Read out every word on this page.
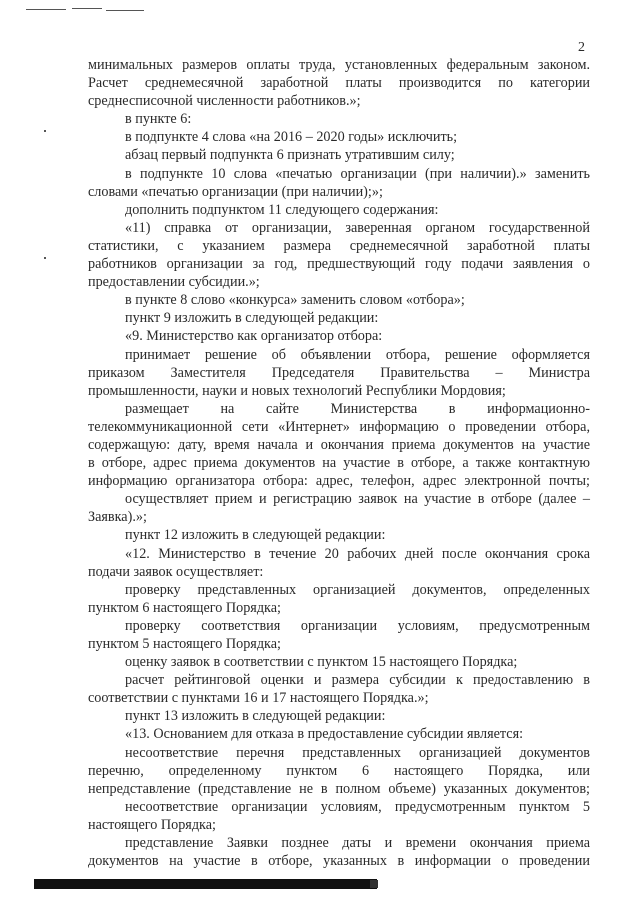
2

минимальных размеров оплаты труда, установленных федеральным законом.

Расчет среднемесячной заработной платы производится по категории

среднесписочной численности работников.»;

в пункте 6:

в подпункте 4 слова «на 2016 – 2020 годы» исключить;

абзац первый подпункта 6 признать утратившим силу;

в подпункте 10 слова «печатью организации (при наличии).» заменить

словами «печатью организации (при наличии);»;

дополнить подпунктом 11 следующего содержания:

«11) справка от организации, заверенная органом государственной

статистики, с указанием размера среднемесячной заработной платы

работников организации за год, предшествующий году подачи заявления о

предоставлении субсидии.»;

в пункте 8 слово «конкурса» заменить словом «отбора»;

пункт 9 изложить в следующей редакции:

«9. Министерство как организатор отбора:

принимает решение об объявлении отбора, решение оформляется

приказом Заместителя Председателя Правительства – Министра

промышленности, науки и новых технологий Республики Мордовия;

размещает на сайте Министерства в информационно-

телекоммуникационной сети «Интернет» информацию о проведении отбора,

содержащую: дату, время начала и окончания приема документов на участие

в отборе, адрес приема документов на участие в отборе, а также контактную

информацию организатора отбора: адрес, телефон, адрес электронной почты;

осуществляет прием и регистрацию заявок на участие в отборе (далее –

Заявка).»;

пункт 12 изложить в следующей редакции:

«12. Министерство в течение 20 рабочих дней после окончания срока

подачи заявок осуществляет:

проверку представленных организацией документов, определенных

пунктом 6 настоящего Порядка;

проверку соответствия организации условиям, предусмотренным

пунктом 5 настоящего Порядка;

оценку заявок в соответствии с пунктом 15 настоящего Порядка;

расчет рейтинговой оценки и размера субсидии к предоставлению в

соответствии с пунктами 16 и 17 настоящего Порядка.»;

пункт 13 изложить в следующей редакции:

«13. Основанием для отказа в предоставление субсидии является:

несоответствие перечня представленных организацией документов

перечню, определенному пунктом 6 настоящего Порядка, или

непредставление (представление не в полном объеме) указанных документов;

несоответствие организации условиям, предусмотренным пунктом 5

настоящего Порядка;

представление Заявки позднее даты и времени окончания приема

документов на участие в отборе, указанных в информации о проведении
